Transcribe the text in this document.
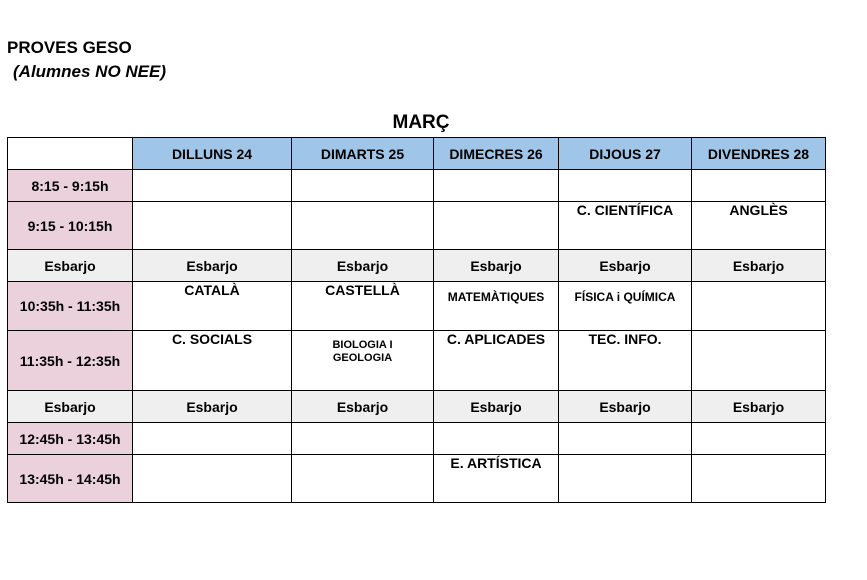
PROVES GESO
(Alumnes NO NEE)
MARÇ
	DILLUNS 24	DIMARTS 25	DIMECRES 26	DIJOUS 27	DIVENDRES 28
8:15 - 9:15h					
9:15 - 10:15h				C. CIENTÍFICA	ANGLÈS
Esbarjo	Esbarjo	Esbarjo	Esbarjo	Esbarjo	Esbarjo
10:35h - 11:35h	CATALÀ	CASTELLÀ	MATEMÀTIQUES	FÍSICA i QUÍMICA	
11:35h - 12:35h	C. SOCIALS	BIOLOGIA I GEOLOGIA	C. APLICADES	TEC. INFO.	
Esbarjo	Esbarjo	Esbarjo	Esbarjo	Esbarjo	Esbarjo
12:45h - 13:45h					
13:45h - 14:45h			E. ARTÍSTICA		
